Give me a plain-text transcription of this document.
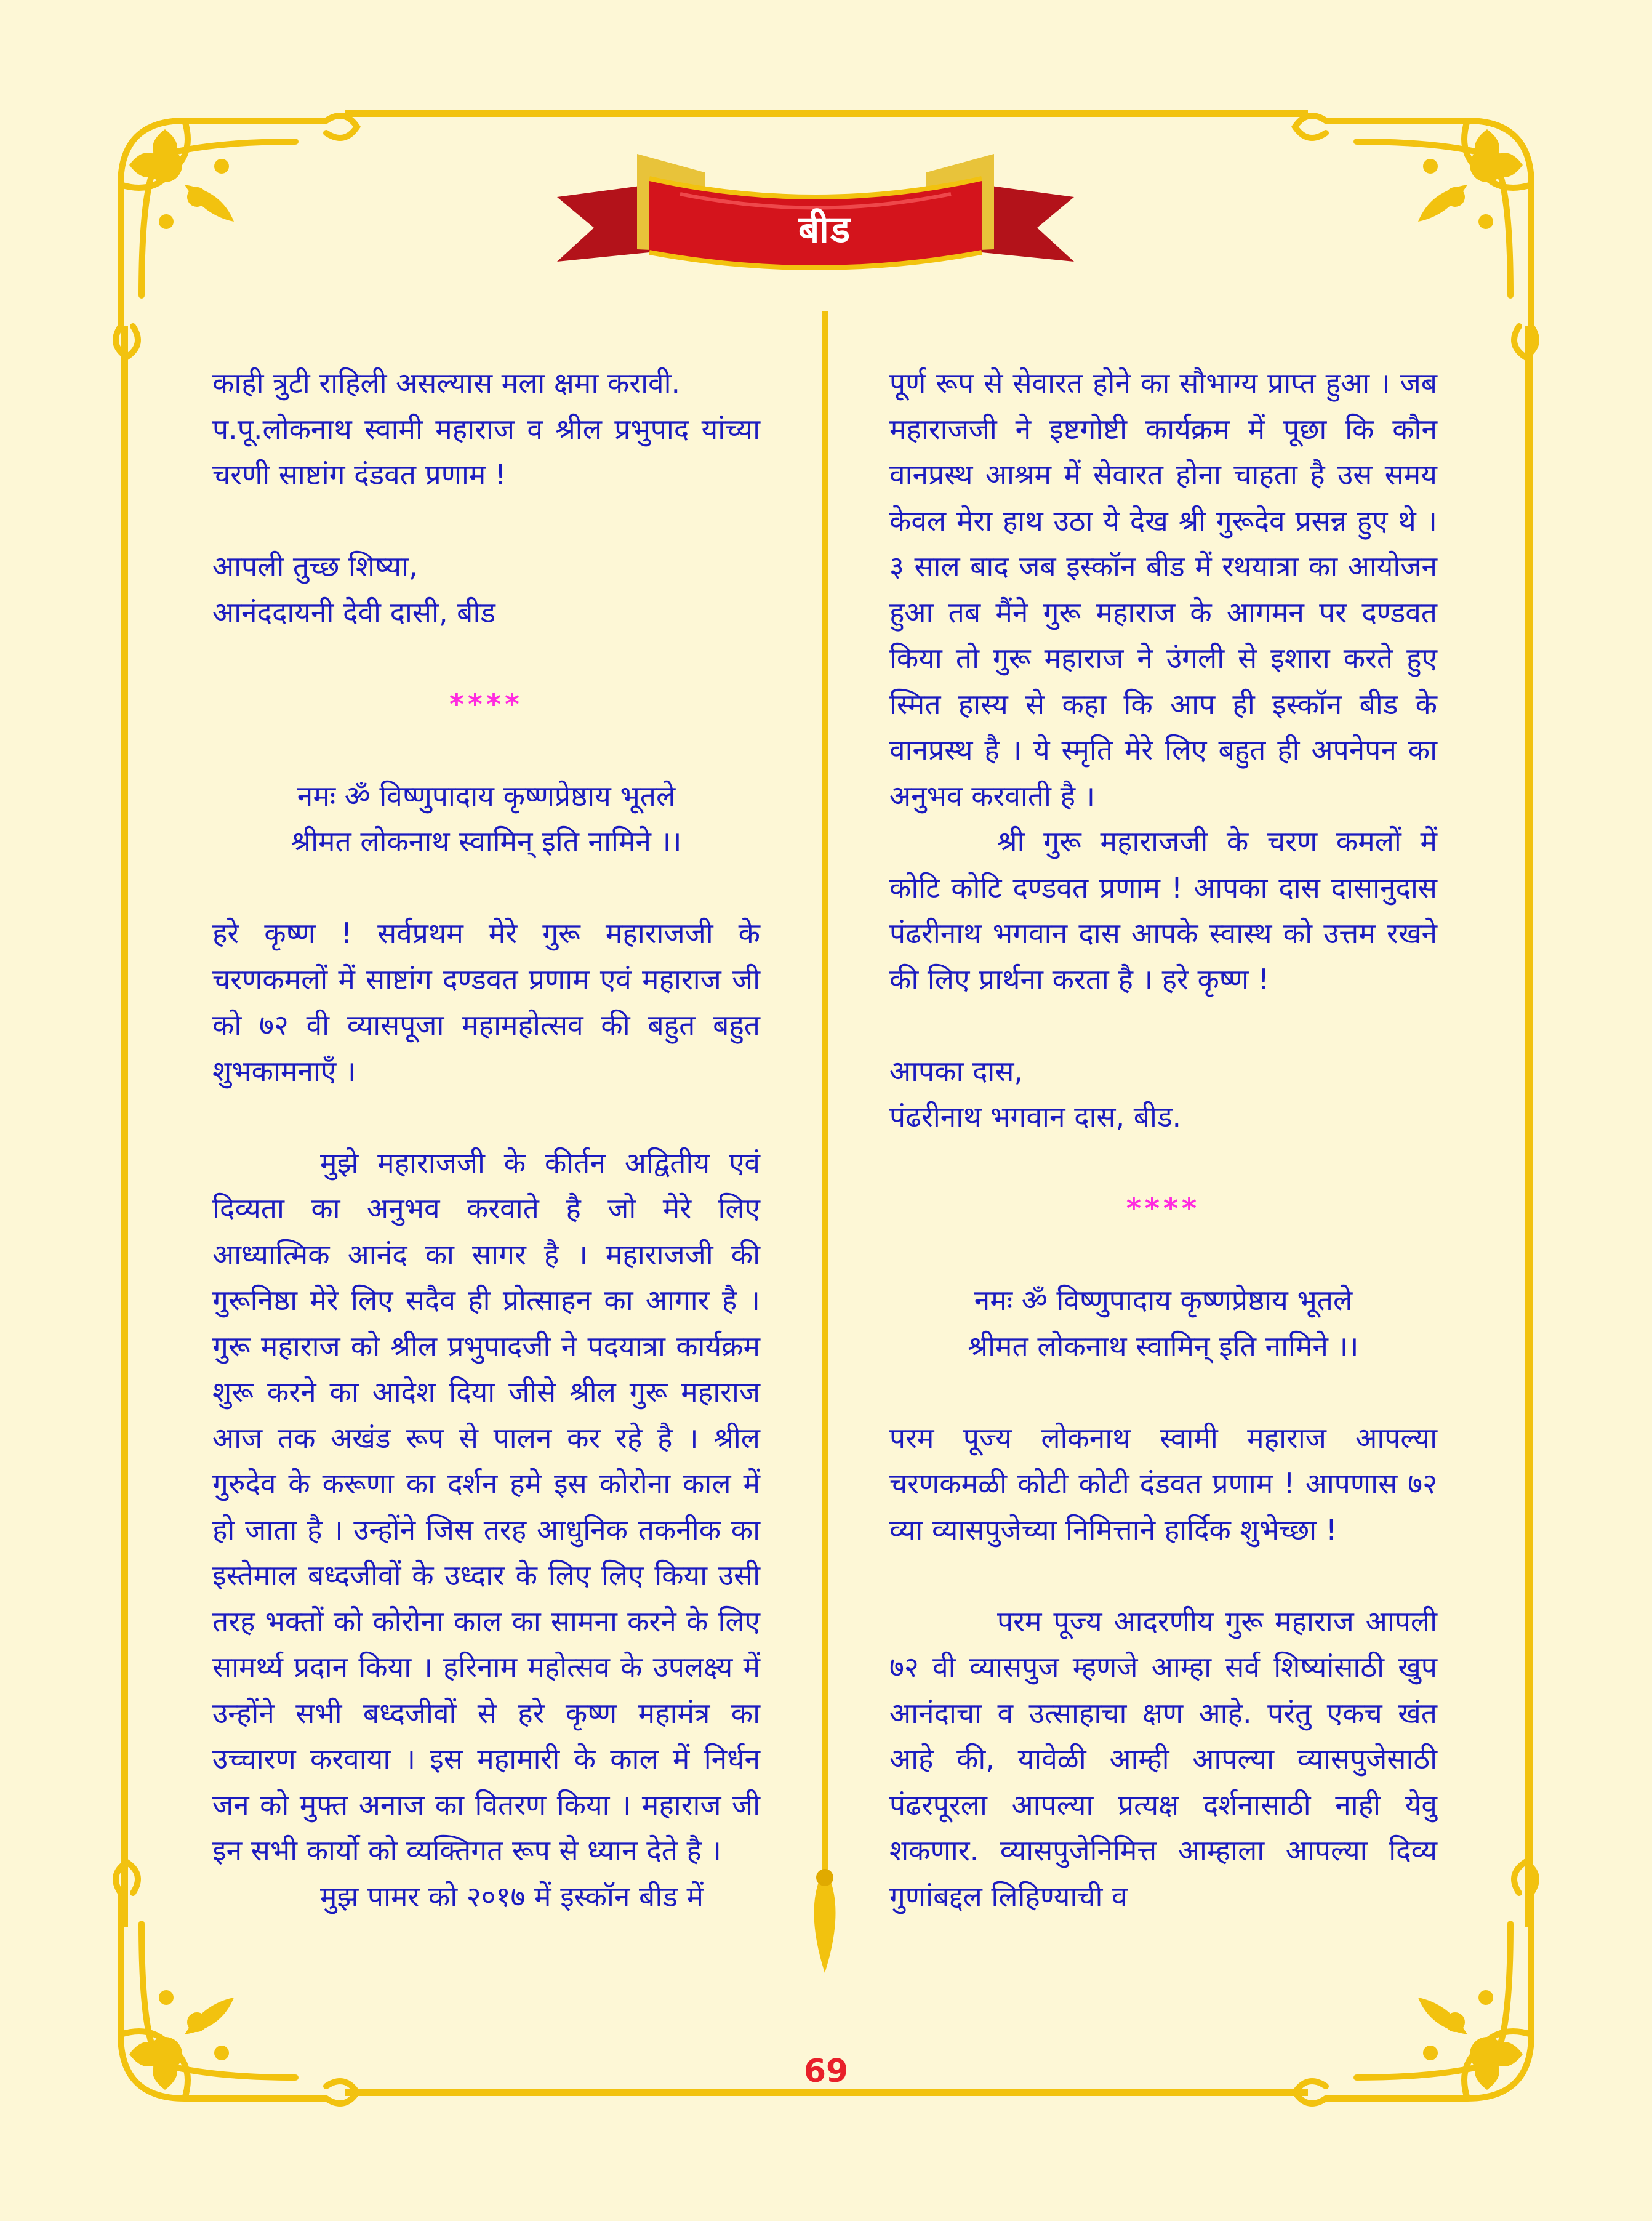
बीड

काही त्रुटी राहिली असल्यास मला क्षमा करावी.

प.पू.लोकनाथ स्वामी महाराज व श्रील प्रभुपाद यांच्या चरणी साष्टांग दंडवत प्रणाम !

आपली तुच्छ शिष्या,

आनंददायनी देवी दासी, बीड

****

नमः ॐ विष्णुपादाय कृष्णप्रेष्ठाय भूतले

श्रीमत लोकनाथ स्वामिन् इति नामिने ।।

हरे कृष्ण ! सर्वप्रथम मेरे गुरू महाराजजी के चरणकमलों में साष्टांग दण्डवत प्रणाम एवं महाराज जी को ७२ वी व्यासपूजा महामहोत्सव की बहुत बहुत शुभकामनाएँ ।

मुझे महाराजजी के कीर्तन अद्वितीय एवं दिव्यता का अनुभव करवाते है जो मेरे लिए आध्यात्मिक आनंद का सागर है । महाराजजी की गुरूनिष्ठा मेरे लिए सदैव ही प्रोत्साहन का आगार है । गुरू महाराज को श्रील प्रभुपादजी ने पदयात्रा कार्यक्रम शुरू करने का आदेश दिया जीसे श्रील गुरू महाराज आज तक अखंड रूप से पालन कर रहे है । श्रील गुरुदेव के करूणा का दर्शन हमे इस कोरोना काल में हो जाता है । उन्होंने जिस तरह आधुनिक तकनीक का इस्तेमाल बध्दजीवों के उध्दार के लिए लिए किया उसी तरह भक्तों को कोरोना काल का सामना करने के लिए सामर्थ्य प्रदान किया । हरिनाम महोत्सव के उपलक्ष्य में उन्होंने सभी बध्दजीवों से हरे कृष्ण महामंत्र का उच्चारण करवाया । इस महामारी के काल में निर्धन जन को मुफ्त अनाज का वितरण किया । महाराज जी इन सभी कार्यो को व्यक्तिगत रूप से ध्यान देते है ।

मुझ पामर को २०१७ में इस्कॉन बीड में

पूर्ण रूप से सेवारत होने का सौभाग्य प्राप्त हुआ । जब महाराजजी ने इष्टगोष्टी कार्यक्रम में पूछा कि कौन वानप्रस्थ आश्रम में सेवारत होना चाहता है उस समय केवल मेरा हाथ उठा ये देख श्री गुरूदेव प्रसन्न हुए थे । ३ साल बाद जब इस्कॉन बीड में रथयात्रा का आयोजन हुआ तब मैंने गुरू महाराज के आगमन पर दण्डवत किया तो गुरू महाराज ने उंगली से इशारा करते हुए स्मित हास्य से कहा कि आप ही इस्कॉन बीड के वानप्रस्थ है । ये स्मृति मेरे लिए बहुत ही अपनेपन का अनुभव करवाती है ।

श्री गुरू महाराजजी के चरण कमलों में कोटि कोटि दण्डवत प्रणाम ! आपका दास दासानुदास पंढरीनाथ भगवान दास आपके स्वास्थ को उत्तम रखने की लिए प्रार्थना करता है । हरे कृष्ण !

आपका दास,

पंढरीनाथ भगवान दास, बीड.

****

नमः ॐ विष्णुपादाय कृष्णप्रेष्ठाय भूतले

श्रीमत लोकनाथ स्वामिन् इति नामिने ।।

परम पूज्य लोकनाथ स्वामी महाराज आपल्या चरणकमळी कोटी कोटी दंडवत प्रणाम ! आपणास ७२ व्या व्यासपुजेच्या निमित्ताने हार्दिक शुभेच्छा !

परम पूज्य आदरणीय गुरू महाराज आपली ७२ वी व्यासपुज म्हणजे आम्हा सर्व शिष्यांसाठी खुप आनंदाचा व उत्साहाचा क्षण आहे. परंतु एकच खंत आहे की, यावेळी आम्ही आपल्या व्यासपुजेसाठी पंढरपूरला आपल्या प्रत्यक्ष दर्शनासाठी नाही येवु शकणार. व्यासपुजेनिमित्त आम्हाला आपल्या दिव्य गुणांबद्दल लिहिण्याची व

69
